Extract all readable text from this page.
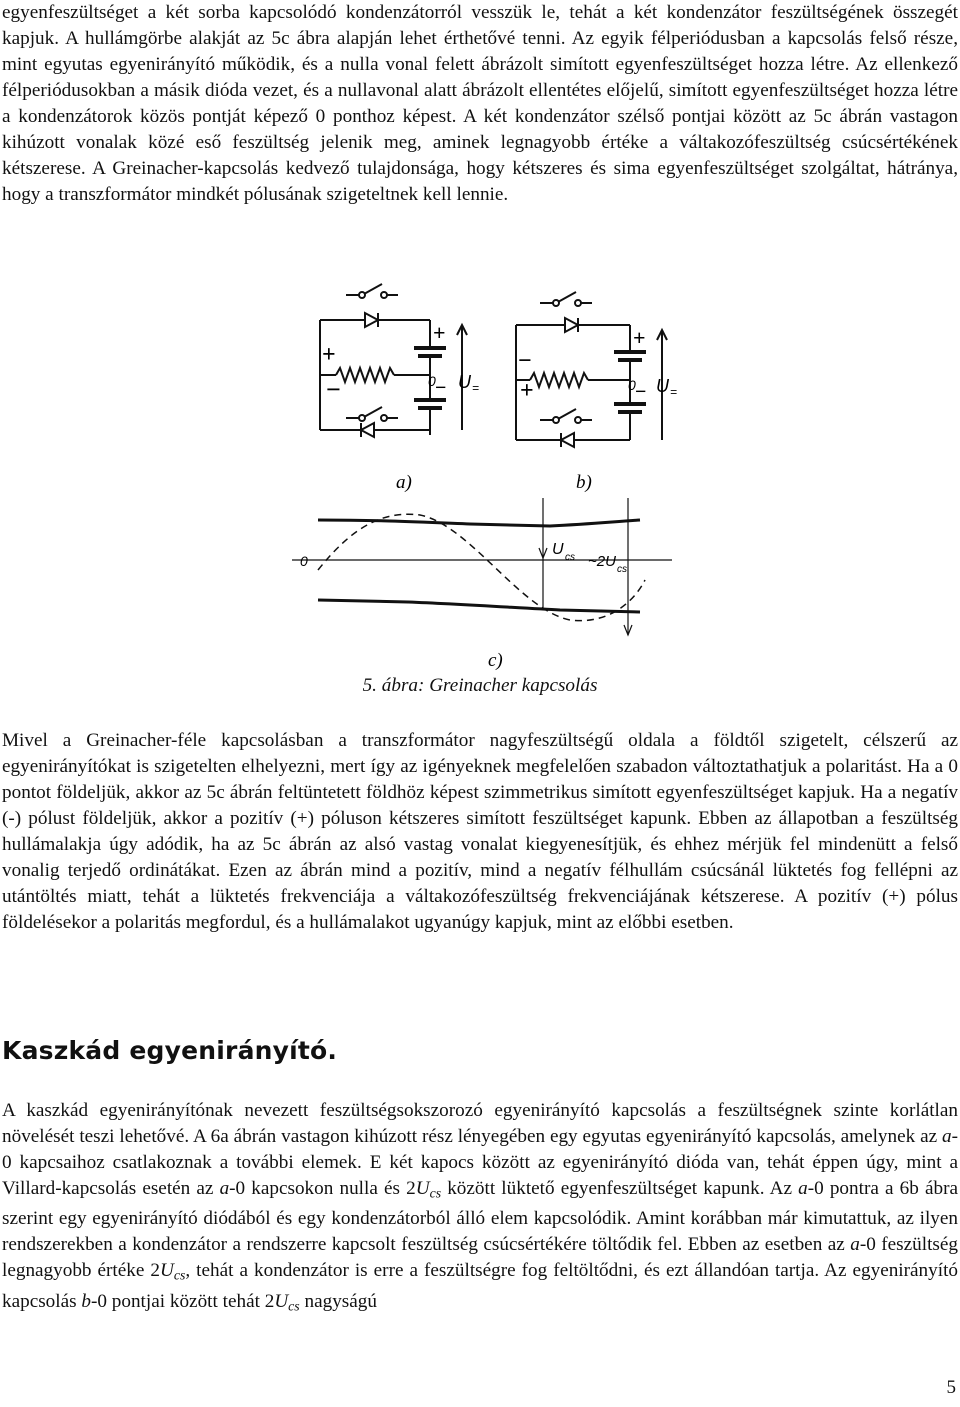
egyenfeszültséget a két sorba kapcsolódó kondenzátorról vesszük le, tehát a két kondenzátor feszültségének összegét kapjuk. A hullámgörbe alakját az 5c ábra alapján lehet érthetővé tenni. Az egyik félperiódusban a kapcsolás felső része, mint egyutas egyenirányító működik, és a nulla vonal felett ábrázolt simított egyenfeszültséget hozza létre. Az ellenkező félperiódusokban a másik dióda vezet, és a nullavonal alatt ábrázolt ellentétes előjelű, simított egyenfeszültséget hozza létre a kondenzátorok közös pontját képező 0 ponthoz képest. A két kondenzátor szélső pontjai között az 5c ábrán vastagon kihúzott vonalak közé eső feszültség jelenik meg, aminek legnagyobb értéke a váltakozófeszültség csúcsértékének kétszerese. A Greinacher-kapcsolás kedvező tulajdonsága, hogy kétszeres és sima egyenfeszültséget szolgáltat, hátránya, hogy a transzformátor mindkét pólusának szigeteltnek kell lennie.

+
−
+
−
0 U =
−
+
+
−
0 U =
a)	b)
c)
0
U cs ~2U cs
5. ábra: Greinacher kapcsolás

Mivel a Greinacher-féle kapcsolásban a transzformátor nagyfeszültségű oldala a földtől szigetelt, célszerű az egyenirányítókat is szigetelten elhelyezni, mert így az igényeknek megfelelően szabadon változtathatjuk a polaritást. Ha a 0 pontot földeljük, akkor az 5c ábrán feltüntetett földhöz képest szimmetrikus simított egyenfeszültséget kapjuk. Ha a negatív (-) pólust földeljük, akkor a pozitív (+) póluson kétszeres simított feszültséget kapunk. Ebben az állapotban a feszültség hullámalakja úgy adódik, ha az 5c ábrán az alsó vastag vonalat kiegyenesítjük, és ehhez mérjük fel mindenütt a felső vonalig terjedő ordinátákat. Ezen az ábrán mind a pozitív, mind a negatív félhullám csúcsánál lüktetés fog fellépni az utántöltés miatt, tehát a lüktetés frekvenciája a váltakozófeszültség frekvenciájának kétszerese. A pozitív (+) pólus földelésekor a polaritás megfordul, és a hullámalakot ugyanúgy kapjuk, mint az előbbi esetben.

Kaszkád egyenirányító.

A kaszkád egyenirányítónak nevezett feszültségsokszorozó egyenirányító kapcsolás a feszültségnek szinte korlátlan növelését teszi lehetővé. A 6a ábrán vastagon kihúzott rész lényegében egy egyutas egyenirányító kapcsolás, amelynek az a-0 kapcsaihoz csatlakoznak a további elemek. E két kapocs között az egyenirányító dióda van, tehát éppen úgy, mint a Villard-kapcsolás esetén az a-0 kapcsokon nulla és $2U_{cs}$ között lüktető egyenfeszültséget kapunk. Az a-0 pontra a 6b ábra szerint egy egyenirányító diódából és egy kondenzátorból álló elem kapcsolódik. Amint korábban már kimutattuk, az ilyen rendszerekben a kondenzátor a rendszerre kapcsolt feszültség csúcsértékére töltődik fel. Ebben az esetben az a-0 feszültség legnagyobb értéke $2U_{cs}$, tehát a kondenzátor is erre a feszültségre fog feltöltődni, és ezt állandóan tartja. Az egyenirányító kapcsolás b-0 pontjai között tehát $2U_{cs}$ nagyságú

5
